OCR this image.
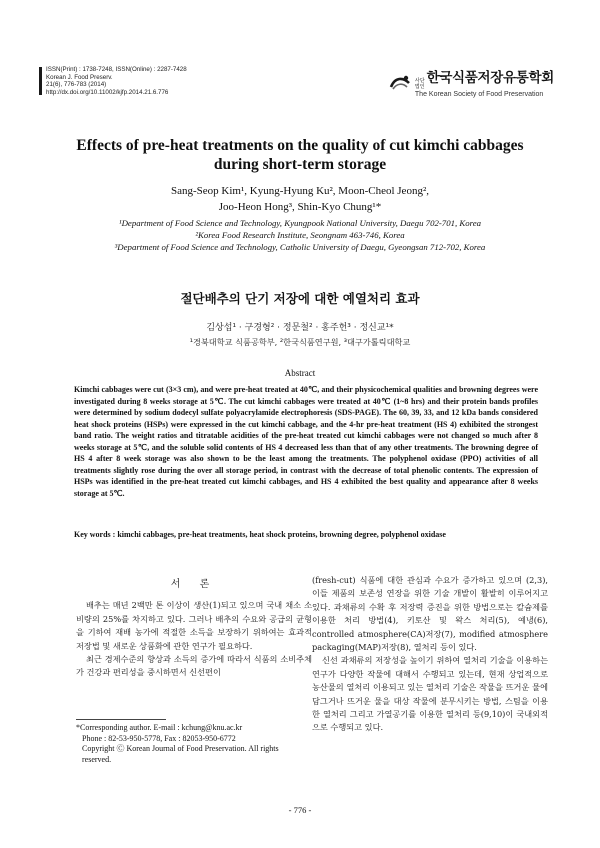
ISSN(Print) : 1738-7248, ISSN(Online) : 2287-7428
Korean J. Food Preserv.
21(6), 776-783 (2014)
http://dx.doi.org/10.11002/kjfp.2014.21.6.776
사단
법인
한국식품저장유통학회
The Korean Society of Food Preservation
Effects of pre-heat treatments on the quality of cut kimchi cabbages
during short-term storage
Sang-Seop Kim¹, Kyung-Hyung Ku², Moon-Cheol Jeong²,
Joo-Heon Hong³, Shin-Kyo Chung¹*
¹Department of Food Science and Technology, Kyungpook National University, Daegu 702-701, Korea
²Korea Food Research Institute, Seongnam 463-746, Korea
³Department of Food Science and Technology, Catholic University of Daegu, Gyeongsan 712-702, Korea
절단배추의 단기 저장에 대한 예열처리 효과
김상섭¹ · 구경형² · 정문철² · 홍주헌³ · 정신교¹*
¹경북대학교 식품공학부, ²한국식품연구원, ³대구가톨릭대학교
Abstract
Kimchi cabbages were cut (3×3 cm), and were pre-heat treated at 40℃, and their physicochemical qualities and browning degrees were investigated during 8 weeks storage at 5℃. The cut kimchi cabbages were treated at 40℃ (1~8 hrs) and their protein bands profiles were determined by sodium dodecyl sulfate polyacrylamide electrophoresis (SDS-PAGE). The 60, 39, 33, and 12 kDa bands considered heat shock proteins (HSPs) were expressed in the cut kimchi cabbage, and the 4-hr pre-heat treatment (HS 4) exhibited the strongest band ratio. The weight ratios and titratable acidities of the pre-heat treated cut kimchi cabbages were not changed so much after 8 weeks storage at 5℃, and the soluble solid contents of HS 4 decreased less than that of any other treatments. The browning degree of HS 4 after 8 week storage was also shown to be the least among the treatments. The polyphenol oxidase (PPO) activities of all treatments slightly rose during the over all storage period, in contrast with the decrease of total phenolic contents. The expression of HSPs was identified in the pre-heat treated cut kimchi cabbages, and HS 4 exhibited the best quality and appearance after 8 weeks storage at 5℃.
Key words : kimchi cabbages, pre-heat treatments, heat shock proteins, browning degree, polyphenol oxidase
서 론

배추는 매년 2백만 톤 이상이 생산(1)되고 있으며 국내 채소 소비량의 25%를 차지하고 있다. 그러나 배추의 수요와 공급의 균형을 기하여 재배 농가에 적절한 소득을 보장하기 위하여는 효과적 저장법 및 새로운 상품화에 관한 연구가 필요하다.

최근 경제수준의 향상과 소득의 증가에 따라서 식품의 소비주체가 건강과 편리성을 중시하면서 신선편이

(fresh-cut) 식품에 대한 관심과 수요가 증가하고 있으며 (2,3), 이들 제품의 보존성 연장을 위한 기술 개발이 활발히 이루어지고 있다. 과채류의 수확 후 저장력 증진을 위한 방법으로는 칼슘제를 이용한 처리 방법(4), 키토산 및 왁스 처리(5), 예냉(6), controlled atmosphere(CA)저장(7), modified atmosphere packaging(MAP)저장(8), 열처리 등이 있다.

신선 과채류의 저장성을 높이기 위하여 열처리 기술을 이용하는 연구가 다양한 작물에 대해서 수행되고 있는데, 현재 상업적으로 농산물의 열처리 이용되고 있는 열처리 기술은 작물을 뜨거운 물에 담그거나 뜨거운 물을 대상 작물에 분무시키는 방법, 스팀을 이용한 열처리 그리고 가열공기를 이용한 열처리 등(9,10)이 국내외적으로 수행되고 있다.

*Corresponding author. E-mail : kchung@knu.ac.kr
Phone : 82-53-950-5778, Fax : 82053-950-6772
Copyright Ⓒ Korean Journal of Food Preservation. All rights reserved.
- 776 -
